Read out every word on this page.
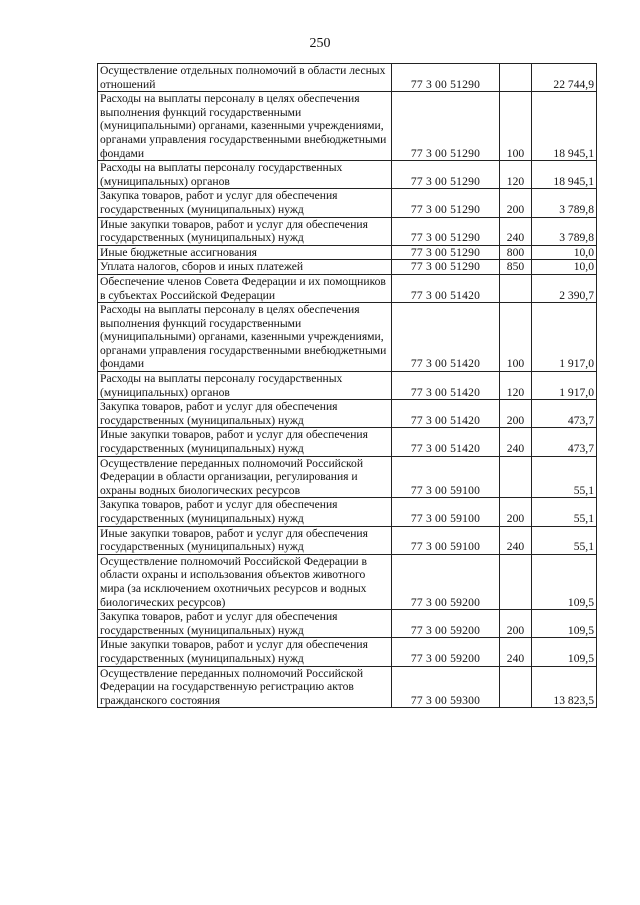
250
Осуществление отдельных полномочий в области лесных отношений	77 3 00 51290		22 744,9
Расходы на выплаты персоналу в целях обеспечения выполнения функций государственными (муниципальными) органами, казенными учреждениями, органами управления государственными внебюджетными фондами	77 3 00 51290	100	18 945,1
Расходы на выплаты персоналу государственных (муниципальных) органов	77 3 00 51290	120	18 945,1
Закупка товаров, работ и услуг для обеспечения государственных (муниципальных) нужд	77 3 00 51290	200	3 789,8
Иные закупки товаров, работ и услуг для обеспечения государственных (муниципальных) нужд	77 3 00 51290	240	3 789,8
Иные бюджетные ассигнования	77 3 00 51290	800	10,0
Уплата налогов, сборов и иных платежей	77 3 00 51290	850	10,0
Обеспечение членов Совета Федерации и их помощников в субъектах Российской Федерации	77 3 00 51420		2 390,7
Расходы на выплаты персоналу в целях обеспечения выполнения функций государственными (муниципальными) органами, казенными учреждениями, органами управления государственными внебюджетными фондами	77 3 00 51420	100	1 917,0
Расходы на выплаты персоналу государственных (муниципальных) органов	77 3 00 51420	120	1 917,0
Закупка товаров, работ и услуг для обеспечения государственных (муниципальных) нужд	77 3 00 51420	200	473,7
Иные закупки товаров, работ и услуг для обеспечения государственных (муниципальных) нужд	77 3 00 51420	240	473,7
Осуществление переданных полномочий Российской Федерации в области организации, регулирования и охраны водных биологических ресурсов	77 3 00 59100		55,1
Закупка товаров, работ и услуг для обеспечения государственных (муниципальных) нужд	77 3 00 59100	200	55,1
Иные закупки товаров, работ и услуг для обеспечения государственных (муниципальных) нужд	77 3 00 59100	240	55,1
Осуществление полномочий Российской Федерации в области охраны и использования объектов животного мира (за исключением охотничьих ресурсов и водных биологических ресурсов)	77 3 00 59200		109,5
Закупка товаров, работ и услуг для обеспечения государственных (муниципальных) нужд	77 3 00 59200	200	109,5
Иные закупки товаров, работ и услуг для обеспечения государственных (муниципальных) нужд	77 3 00 59200	240	109,5
Осуществление переданных полномочий Российской Федерации на государственную регистрацию актов гражданского состояния	77 3 00 59300		13 823,5
